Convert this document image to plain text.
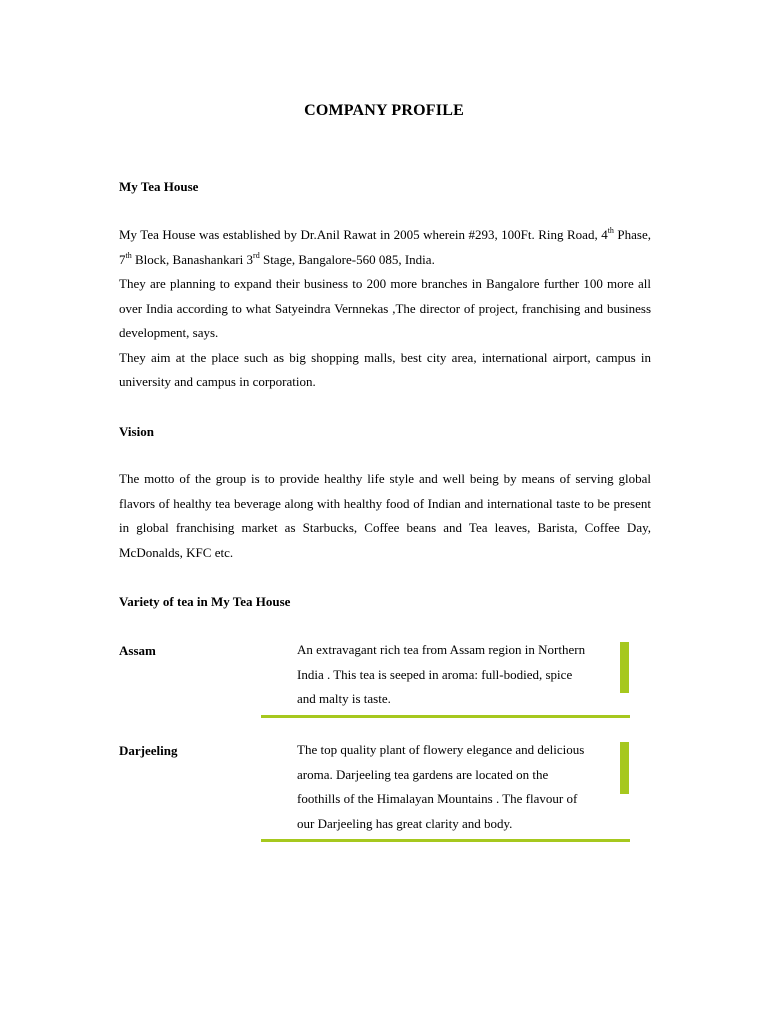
COMPANY PROFILE
My Tea House

My Tea House was established by Dr.Anil Rawat in 2005 wherein #293, 100Ft. Ring Road, 4th Phase, 7th Block, Banashankari 3rd Stage, Bangalore-560 085, India.

They are planning to expand their business to 200 more branches in Bangalore further 100 more all over India according to what Satyeindra Vernnekas ,The director of project, franchising and business development, says.

They aim at the place such as big shopping malls, best city area, international airport, campus in university and campus in corporation.

Vision

The motto of the group is to provide healthy life style and well being by means of serving global flavors of healthy tea beverage along with healthy food of Indian and international taste to be present in global franchising market as Starbucks, Coffee beans and Tea leaves, Barista, Coffee Day, McDonalds, KFC etc.

Variety of tea in My Tea House
Assam	An extravagant rich tea from Assam region in Northern

India . This tea is seeped in aroma: full-bodied, spice

and malty is taste.

Darjeeling	The top quality plant of flowery elegance and delicious

aroma. Darjeeling tea gardens are located on the

foothills of the Himalayan Mountains . The flavour of

our Darjeeling has great clarity and body.
